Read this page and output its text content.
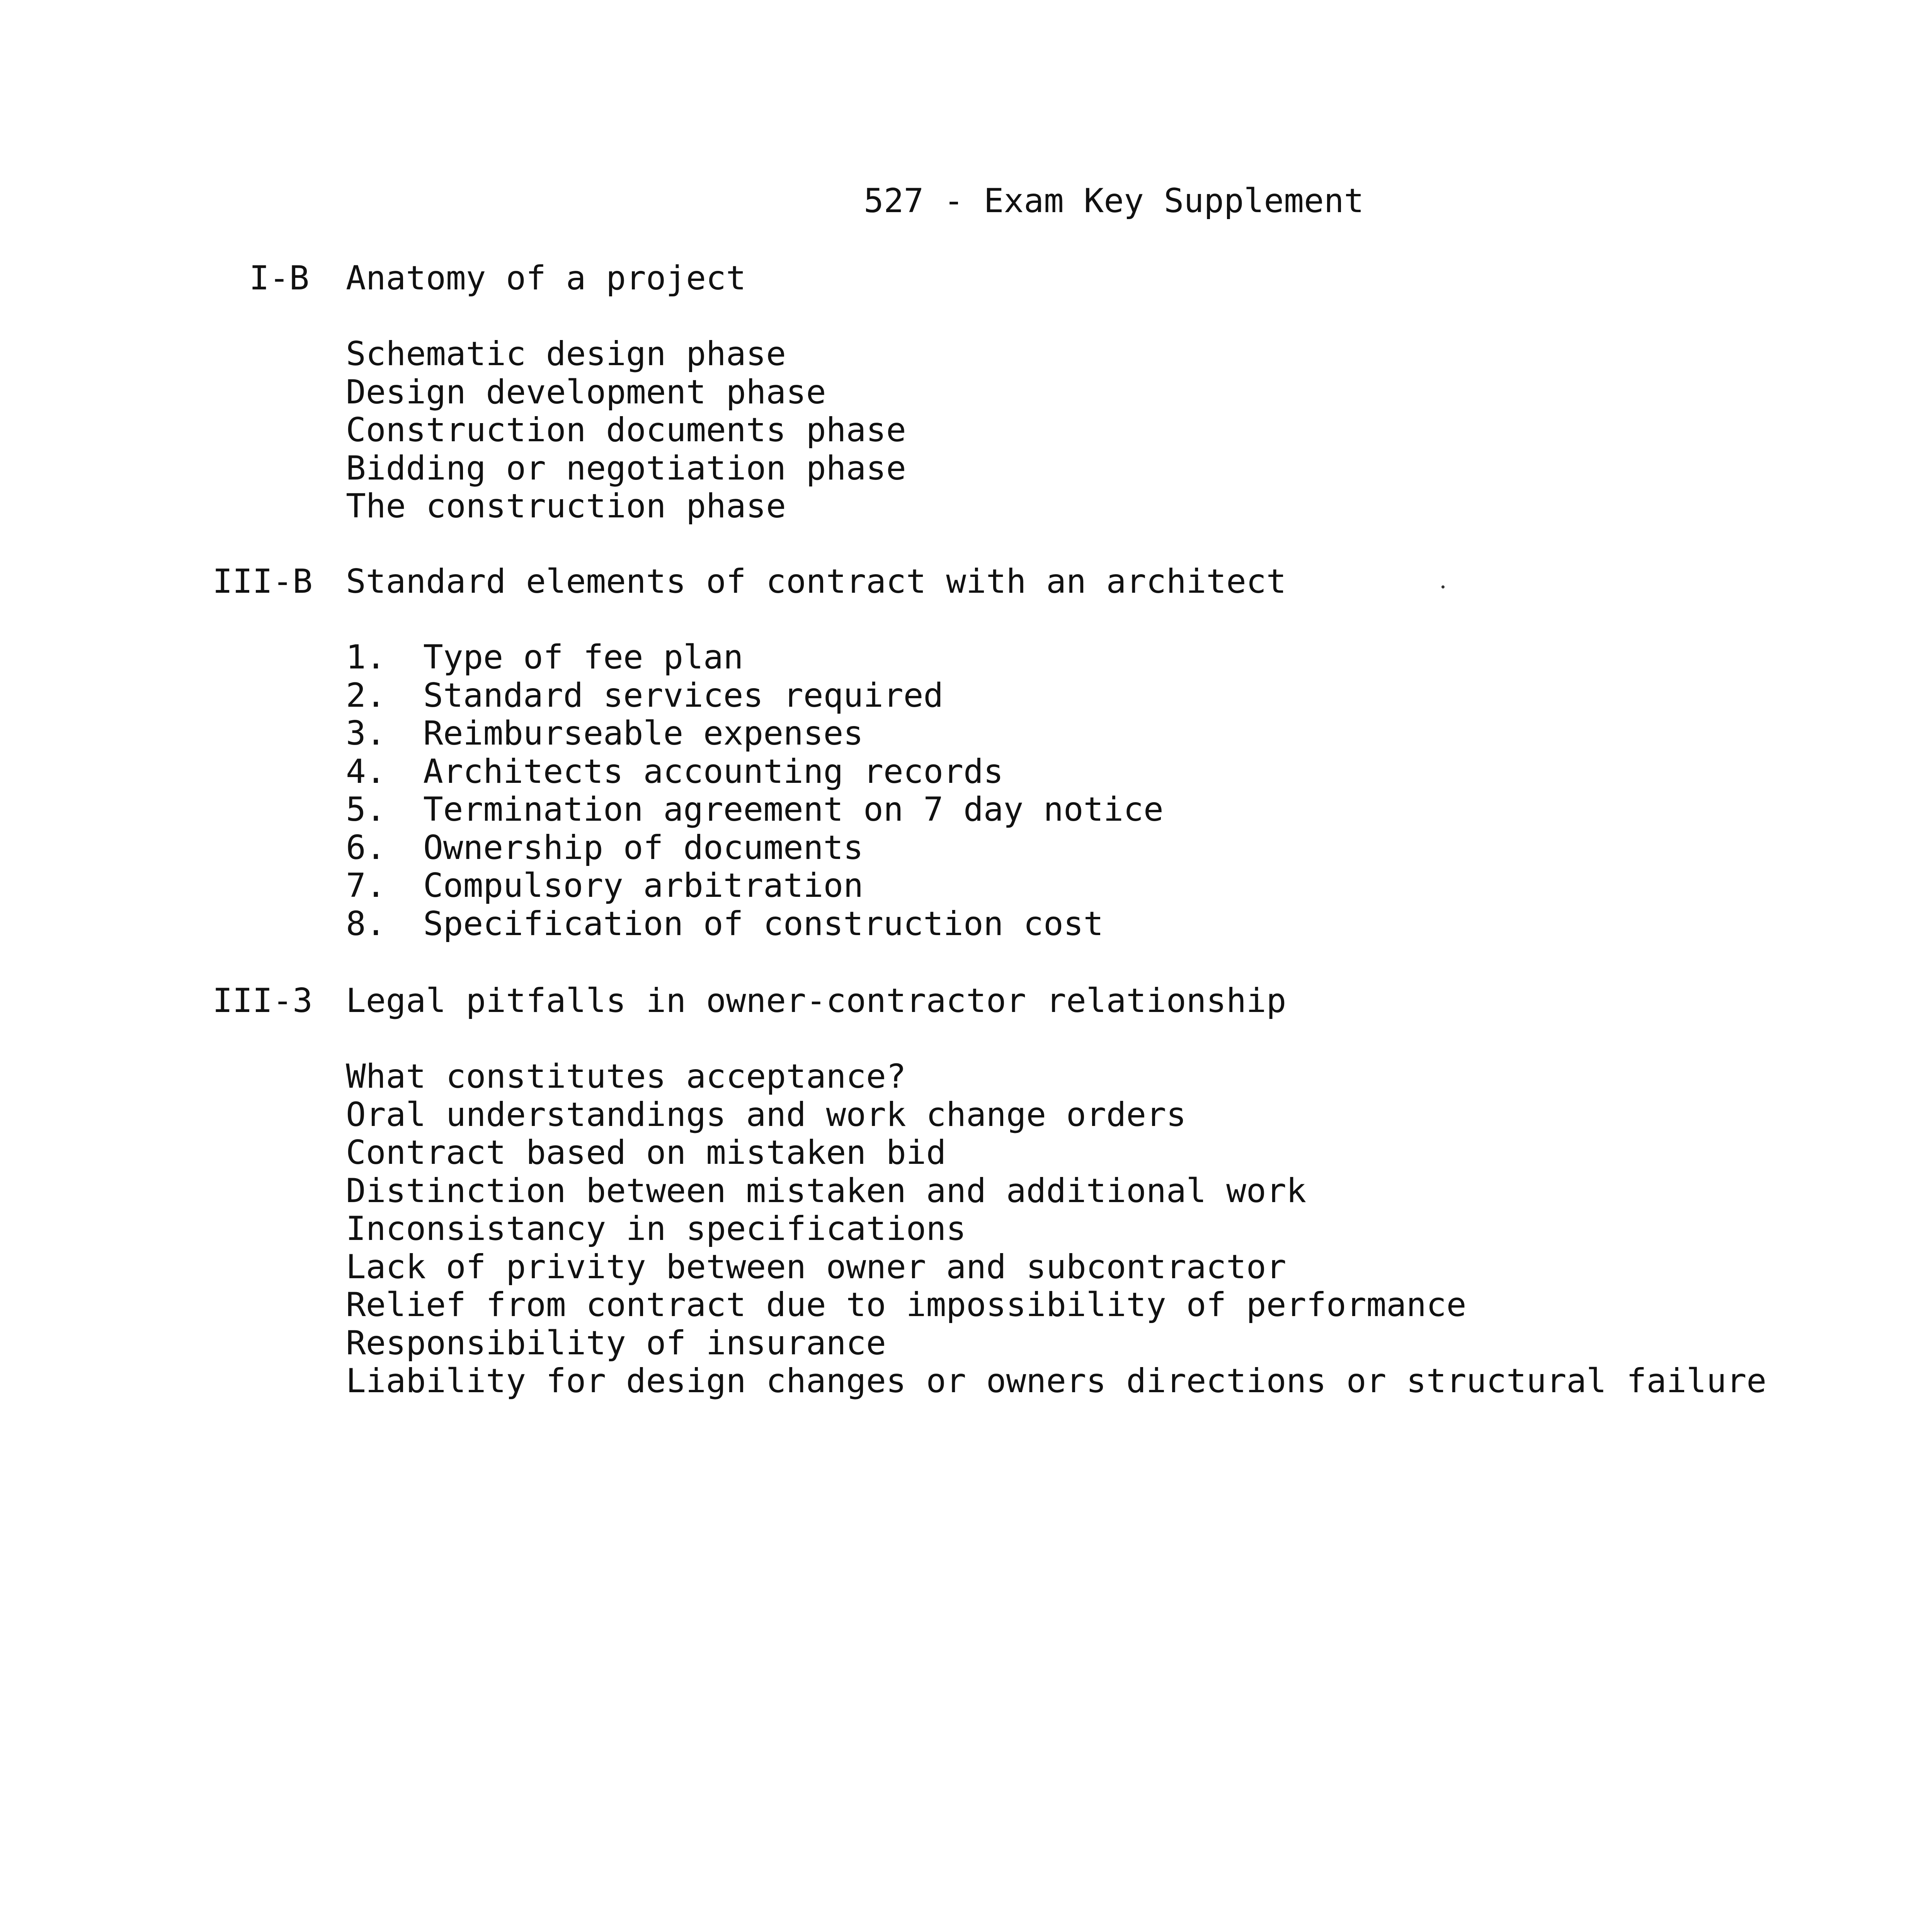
527 - Exam Key Supplement
I-B Anatomy of a project
Schematic design phase
Design development phase
Construction documents phase
Bidding or negotiation phase
The construction phase
III-B Standard elements of contract with an architect
1. Type of fee plan
2. Standard services required
3. Reimburseable expenses
4. Architects accounting records
5. Termination agreement on 7 day notice
6. Ownership of documents
7. Compulsory arbitration
8. Specification of construction cost
III-3 Legal pitfalls in owner-contractor relationship
What constitutes acceptance?
Oral understandings and work change orders
Contract based on mistaken bid
Distinction between mistaken and additional work
Inconsistancy in specifications
Lack of privity between owner and subcontractor
Relief from contract due to impossibility of performance
Responsibility of insurance
Liability for design changes or owners directions or structural failure
